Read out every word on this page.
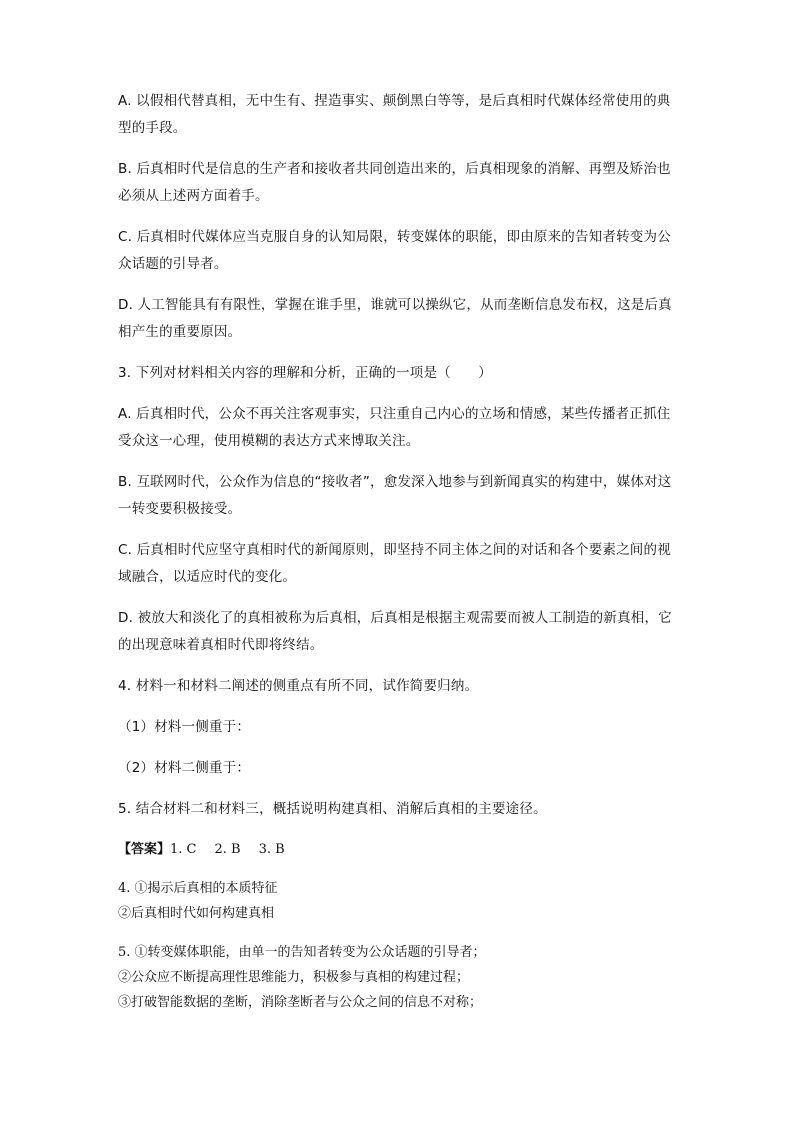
A. 以假相代替真相，无中生有、捏造事实、颠倒黑白等等，是后真相时代媒体经常使用的典型的手段。

B. 后真相时代是信息的生产者和接收者共同创造出来的，后真相现象的消解、再塑及矫治也必须从上述两方面着手。

C. 后真相时代媒体应当克服自身的认知局限，转变媒体的职能，即由原来的告知者转变为公众话题的引导者。

D. 人工智能具有有限性，掌握在谁手里，谁就可以操纵它，从而垄断信息发布权，这是后真相产生的重要原因。

3. 下列对材料相关内容的理解和分析，正确的一项是（　　）

A. 后真相时代，公众不再关注客观事实，只注重自己内心的立场和情感，某些传播者正抓住受众这一心理，使用模糊的表达方式来博取关注。

B. 互联网时代，公众作为信息的“接收者”，愈发深入地参与到新闻真实的构建中，媒体对这一转变要积极接受。

C. 后真相时代应坚守真相时代的新闻原则，即坚持不同主体之间的对话和各个要素之间的视域融合，以适应时代的变化。

D. 被放大和淡化了的真相被称为后真相，后真相是根据主观需要而被人工制造的新真相，它的出现意味着真相时代即将终结。

4. 材料一和材料二阐述的侧重点有所不同，试作简要归纳。

（1）材料一侧重于：

（2）材料二侧重于：

5. 结合材料二和材料三，概括说明构建真相、消解后真相的主要途径。

【答案】1. C 2. B 3. B
4. ①揭示后真相的本质特征
②后真相时代如何构建真相
5. ①转变媒体职能，由单一的告知者转变为公众话题的引导者；
②公众应不断提高理性思维能力，积极参与真相的构建过程；
③打破智能数据的垄断，消除垄断者与公众之间的信息不对称；
